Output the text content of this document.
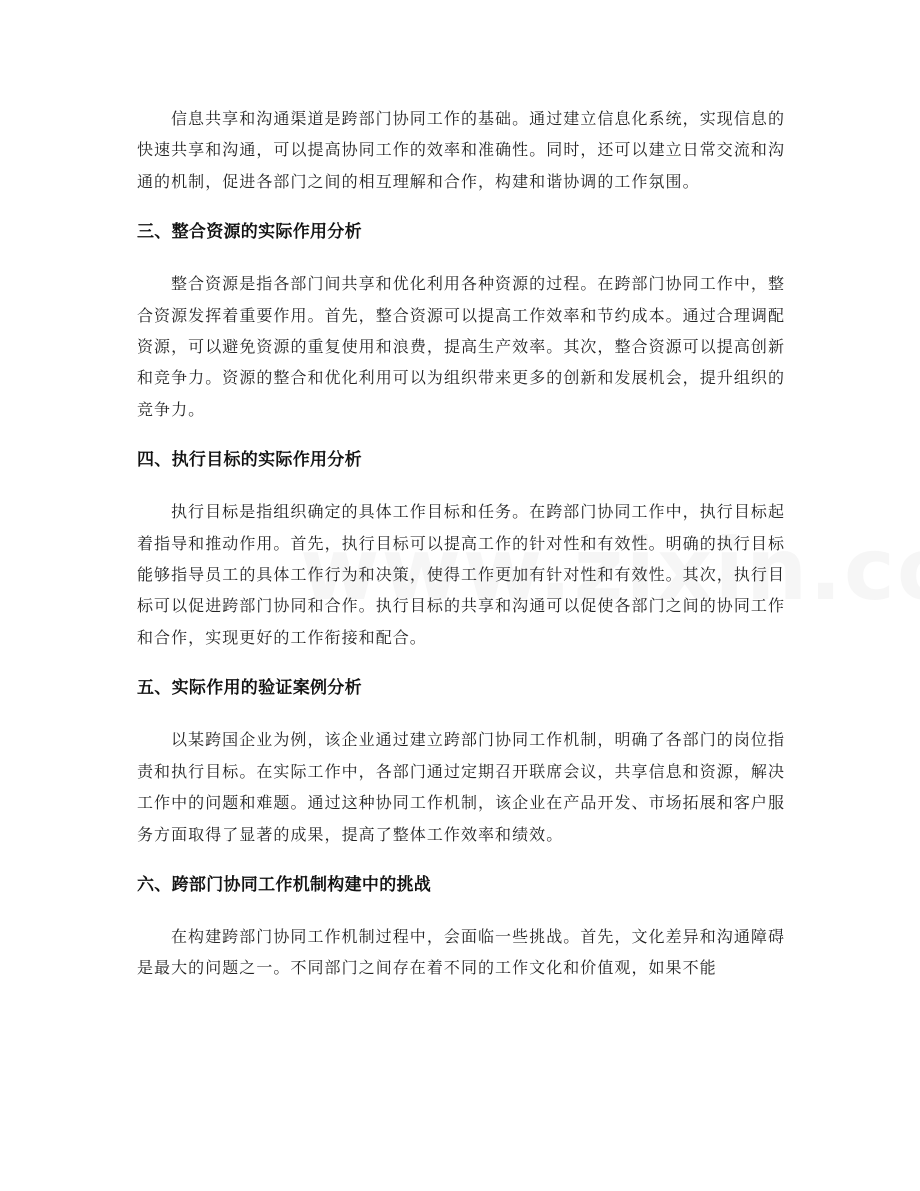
信息共享和沟通渠道是跨部门协同工作的基础。通过建立信息化系统，实现信息的快速共享和沟通，可以提高协同工作的效率和准确性。同时，还可以建立日常交流和沟通的机制，促进各部门之间的相互理解和合作，构建和谐协调的工作氛围。

三、整合资源的实际作用分析

整合资源是指各部门间共享和优化利用各种资源的过程。在跨部门协同工作中，整合资源发挥着重要作用。首先，整合资源可以提高工作效率和节约成本。通过合理调配资源，可以避免资源的重复使用和浪费，提高生产效率。其次，整合资源可以提高创新和竞争力。资源的整合和优化利用可以为组织带来更多的创新和发展机会，提升组织的竞争力。

四、执行目标的实际作用分析

执行目标是指组织确定的具体工作目标和任务。在跨部门协同工作中，执行目标起着指导和推动作用。首先，执行目标可以提高工作的针对性和有效性。明确的执行目标能够指导员工的具体工作行为和决策，使得工作更加有针对性和有效性。其次，执行目标可以促进跨部门协同和合作。执行目标的共享和沟通可以促使各部门之间的协同工作和合作，实现更好的工作衔接和配合。

五、实际作用的验证案例分析

以某跨国企业为例，该企业通过建立跨部门协同工作机制，明确了各部门的岗位指责和执行目标。在实际工作中，各部门通过定期召开联席会议，共享信息和资源，解决工作中的问题和难题。通过这种协同工作机制，该企业在产品开发、市场拓展和客户服务方面取得了显著的成果，提高了整体工作效率和绩效。

六、跨部门协同工作机制构建中的挑战

在构建跨部门协同工作机制过程中，会面临一些挑战。首先，文化差异和沟通障碍是最大的问题之一。不同部门之间存在着不同的工作文化和价值观，如果不能
